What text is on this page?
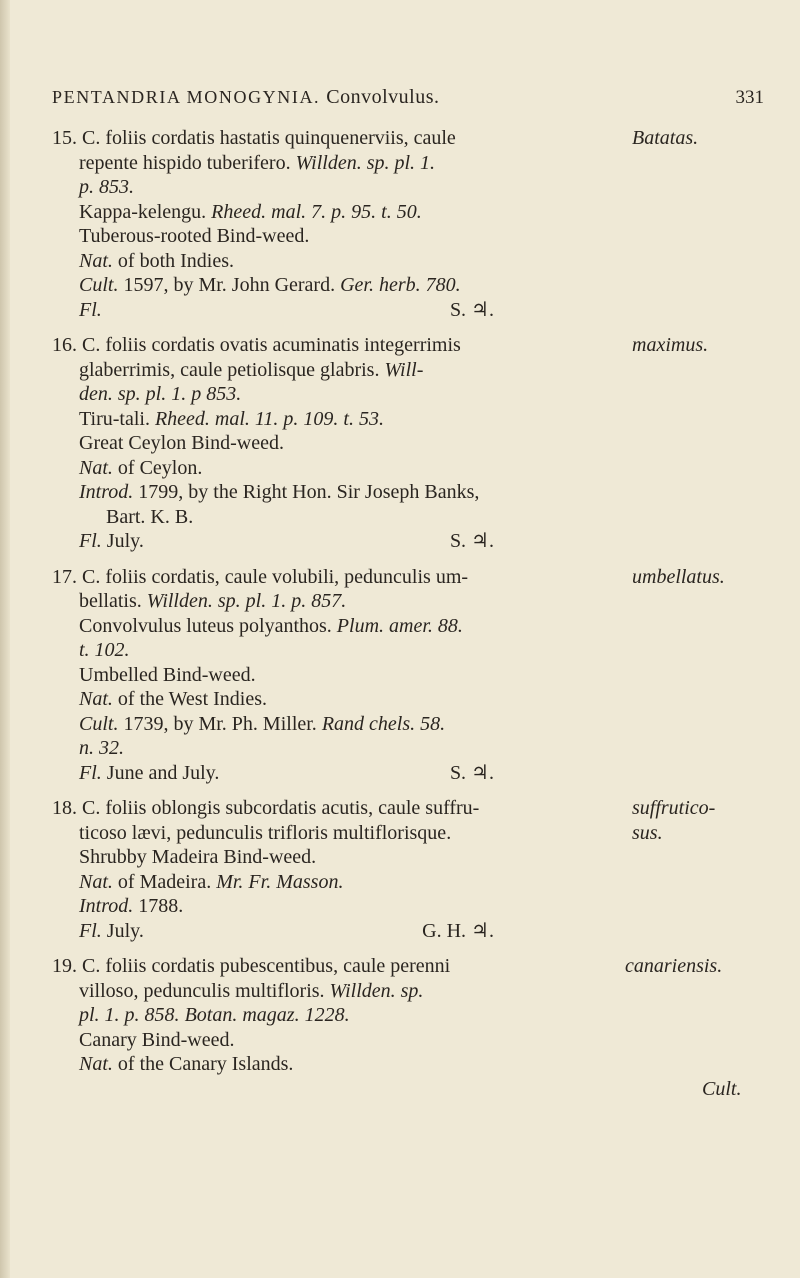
PENTANDRIA MONOGYNIA. Convolvulus.	331
Batatas.
15. C. foliis cordatis hastatis quinquenerviis, caule
repente hispido tuberifero. Willden. sp. pl. 1.
p. 853.
Kappa-kelengu. Rheed. mal. 7. p. 95. t. 50.
Tuberous-rooted Bind-weed.
Nat. of both Indies.
Cult. 1597, by Mr. John Gerard. Ger. herb. 780.
Fl.	S. ♃.
maximus.
16. C. foliis cordatis ovatis acuminatis integerrimis
glaberrimis, caule petiolisque glabris. Will-
den. sp. pl. 1. p 853.
Tiru-tali. Rheed. mal. 11. p. 109. t. 53.
Great Ceylon Bind-weed.
Nat. of Ceylon.
Introd. 1799, by the Right Hon. Sir Joseph Banks,
Bart. K. B.
Fl. July.	S. ♃.
umbellatus.
17. C. foliis cordatis, caule volubili, pedunculis um-
bellatis. Willden. sp. pl. 1. p. 857.
Convolvulus luteus polyanthos. Plum. amer. 88.
t. 102.
Umbelled Bind-weed.
Nat. of the West Indies.
Cult. 1739, by Mr. Ph. Miller. Rand chels. 58.
n. 32.
Fl. June and July.	S. ♃.
suffrutico-
sus.
18. C. foliis oblongis subcordatis acutis, caule suffru-
ticoso lævi, pedunculis trifloris multiflorisque.
Shrubby Madeira Bind-weed.
Nat. of Madeira. Mr. Fr. Masson.
Introd. 1788.
Fl. July.	G. H. ♃.
canariensis.
19. C. foliis cordatis pubescentibus, caule perenni
villoso, pedunculis multifloris. Willden. sp.
pl. 1. p. 858. Botan. magaz. 1228.
Canary Bind-weed.
Nat. of the Canary Islands.
Cult.
